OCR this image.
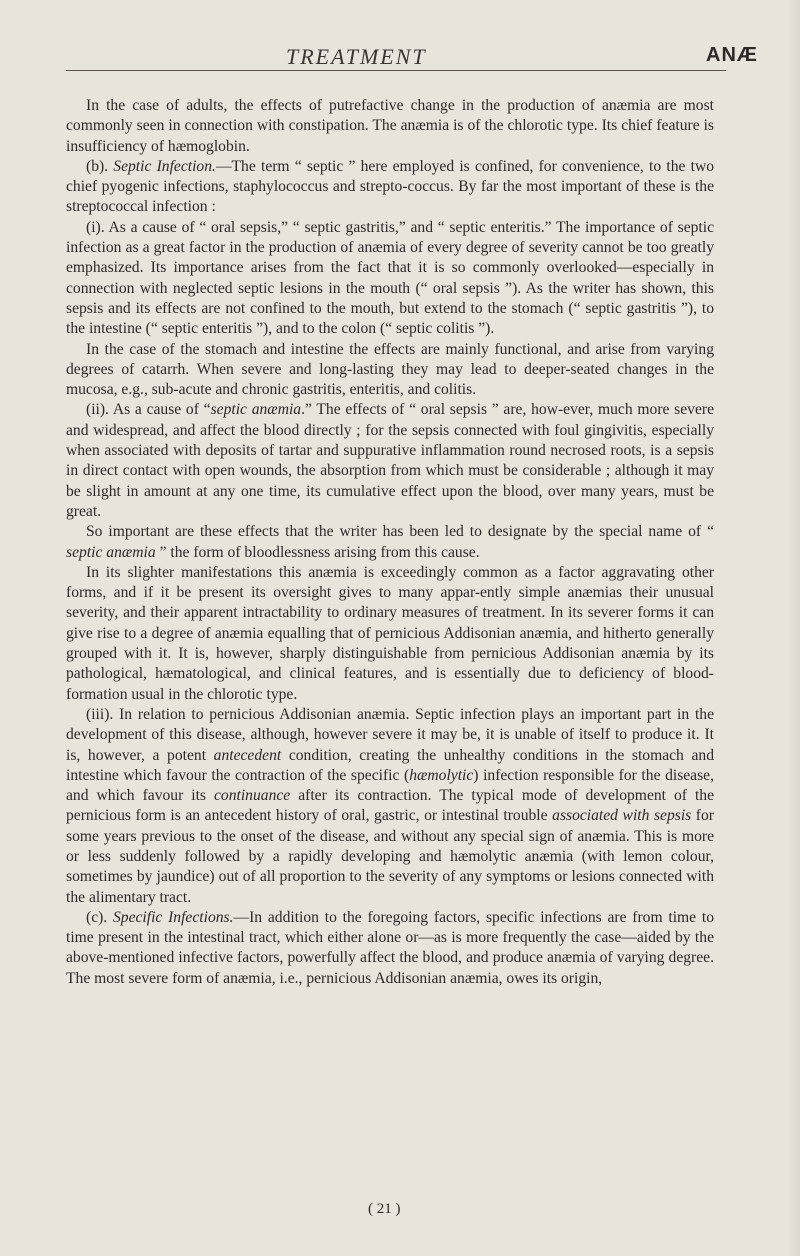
TREATMENT	ANÆ

In the case of adults, the effects of putrefactive change in the production of anæmia are most commonly seen in connection with constipation. The anæmia is of the chlorotic type. Its chief feature is insufficiency of hæmoglobin.

(b). Septic Infection.—The term “ septic ” here employed is confined, for convenience, to the two chief pyogenic infections, staphylococcus and strepto-coccus. By far the most important of these is the streptococcal infection :

(i). As a cause of “ oral sepsis,” “ septic gastritis,” and “ septic enteritis.” The importance of septic infection as a great factor in the production of anæmia of every degree of severity cannot be too greatly emphasized. Its importance arises from the fact that it is so commonly overlooked—especially in connection with neglected septic lesions in the mouth (“ oral sepsis ”). As the writer has shown, this sepsis and its effects are not confined to the mouth, but extend to the stomach (“ septic gastritis ”), to the intestine (“ septic enteritis ”), and to the colon (“ septic colitis ”).

In the case of the stomach and intestine the effects are mainly functional, and arise from varying degrees of catarrh. When severe and long-lasting they may lead to deeper-seated changes in the mucosa, e.g., sub-acute and chronic gastritis, enteritis, and colitis.

(ii). As a cause of “septic anæmia.” The effects of “ oral sepsis ” are, how-ever, much more severe and widespread, and affect the blood directly ; for the sepsis connected with foul gingivitis, especially when associated with deposits of tartar and suppurative inflammation round necrosed roots, is a sepsis in direct contact with open wounds, the absorption from which must be considerable ; although it may be slight in amount at any one time, its cumulative effect upon the blood, over many years, must be great.

So important are these effects that the writer has been led to designate by the special name of “ septic anæmia ” the form of bloodlessness arising from this cause.

In its slighter manifestations this anæmia is exceedingly common as a factor aggravating other forms, and if it be present its oversight gives to many appar-ently simple anæmias their unusual severity, and their apparent intractability to ordinary measures of treatment. In its severer forms it can give rise to a degree of anæmia equalling that of pernicious Addisonian anæmia, and hitherto generally grouped with it. It is, however, sharply distinguishable from pernicious Addisonian anæmia by its pathological, hæmatological, and clinical features, and is essentially due to deficiency of blood-formation usual in the chlorotic type.

(iii). In relation to pernicious Addisonian anæmia. Septic infection plays an important part in the development of this disease, although, however severe it may be, it is unable of itself to produce it. It is, however, a potent antecedent condition, creating the unhealthy conditions in the stomach and intestine which favour the contraction of the specific (hæmolytic) infection responsible for the disease, and which favour its continuance after its contraction. The typical mode of development of the pernicious form is an antecedent history of oral, gastric, or intestinal trouble associated with sepsis for some years previous to the onset of the disease, and without any special sign of anæmia. This is more or less suddenly followed by a rapidly developing and hæmolytic anæmia (with lemon colour, sometimes by jaundice) out of all proportion to the severity of any symptoms or lesions connected with the alimentary tract.

(c). Specific Infections.—In addition to the foregoing factors, specific infections are from time to time present in the intestinal tract, which either alone or—as is more frequently the case—aided by the above-mentioned infective factors, powerfully affect the blood, and produce anæmia of varying degree. The most severe form of anæmia, i.e., pernicious Addisonian anæmia, owes its origin,

( 21 )
